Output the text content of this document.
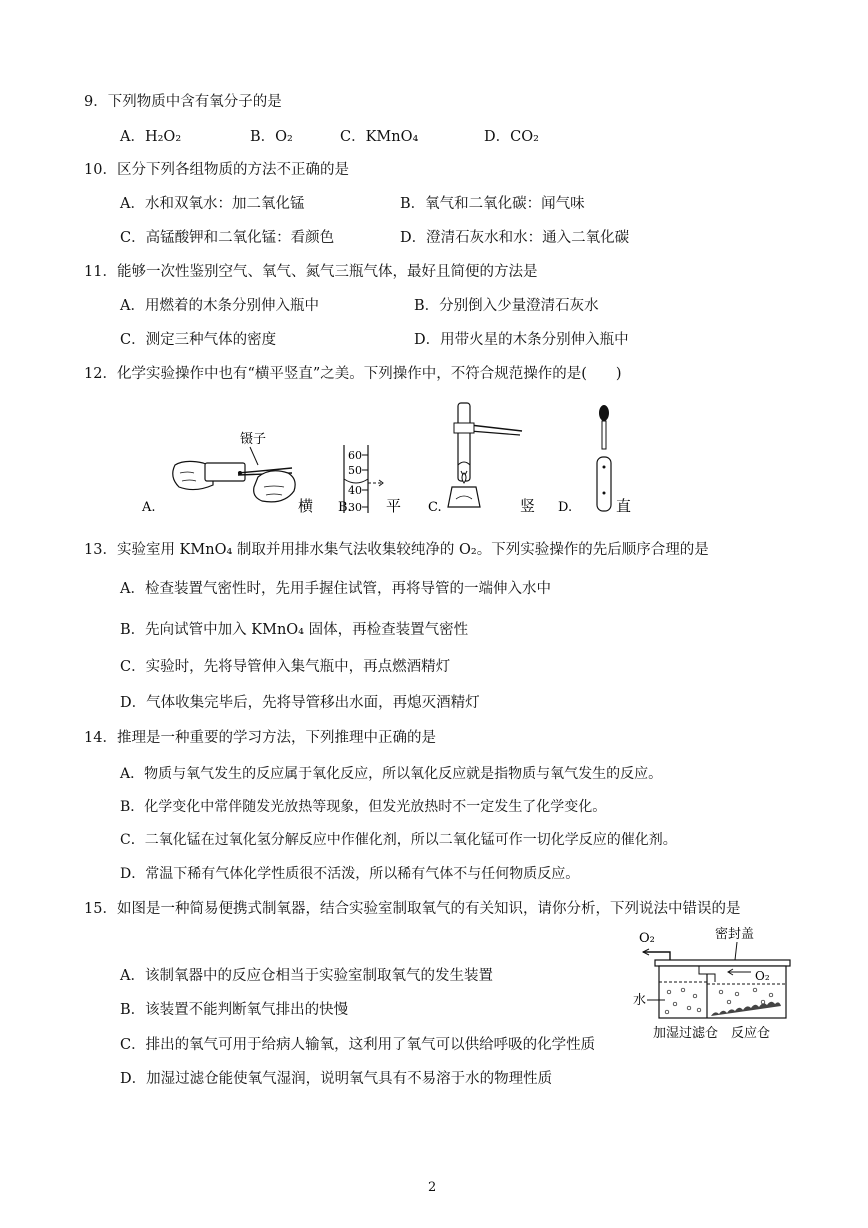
9．下列物质中含有氧分子的是
A．H₂O₂	B．O₂	C．KMnO₄	D．CO₂
10．区分下列各组物质的方法不正确的是
A．水和双氧水：加二氧化锰	B．氧气和二氧化碳：闻气味
C．高锰酸钾和二氧化锰：看颜色	D．澄清石灰水和水：通入二氧化碳
11．能够一次性鉴别空气、氧气、氮气三瓶气体，最好且简便的方法是
A．用燃着的木条分别伸入瓶中	B．分别倒入少量澄清石灰水
C．测定三种气体的密度	D．用带火星的木条分别伸入瓶中
12．化学实验操作中也有“横平竖直”之美。下列操作中，不符合规范操作的是(　　)
A.
镊子
横 B.
60
50
40
30 平 C.	竖 D.	直
13．实验室用 KMnO₄ 制取并用排水集气法收集较纯净的 O₂。下列实验操作的先后顺序合理的是
A．检查装置气密性时，先用手握住试管，再将导管的一端伸入水中
B．先向试管中加入 KMnO₄ 固体，再检查装置气密性
C．实验时，先将导管伸入集气瓶中，再点燃酒精灯
D．气体收集完毕后，先将导管移出水面，再熄灭酒精灯
14．推理是一种重要的学习方法，下列推理中正确的是
A．物质与氧气发生的反应属于氧化反应，所以氧化反应就是指物质与氧气发生的反应。
B．化学变化中常伴随发光放热等现象，但发光放热时不一定发生了化学变化。
C．二氧化锰在过氧化氢分解反应中作催化剂，所以二氧化锰可作一切化学反应的催化剂。
D．常温下稀有气体化学性质很不活泼，所以稀有气体不与任何物质反应。
15．如图是一种简易便携式制氧器，结合实验室制取氧气的有关知识，请你分析，下列说法中错误的是
A．该制氧器中的反应仓相当于实验室制取氧气的发生装置
B．该装置不能判断氧气排出的快慢
C．排出的氧气可用于给病人输氧，这利用了氧气可以供给呼吸的化学性质
D．加湿过滤仓能使氧气湿润，说明氧气具有不易溶于水的物理性质
O₂	密封盖
O₂
水
加湿过滤仓 反应仓
2
